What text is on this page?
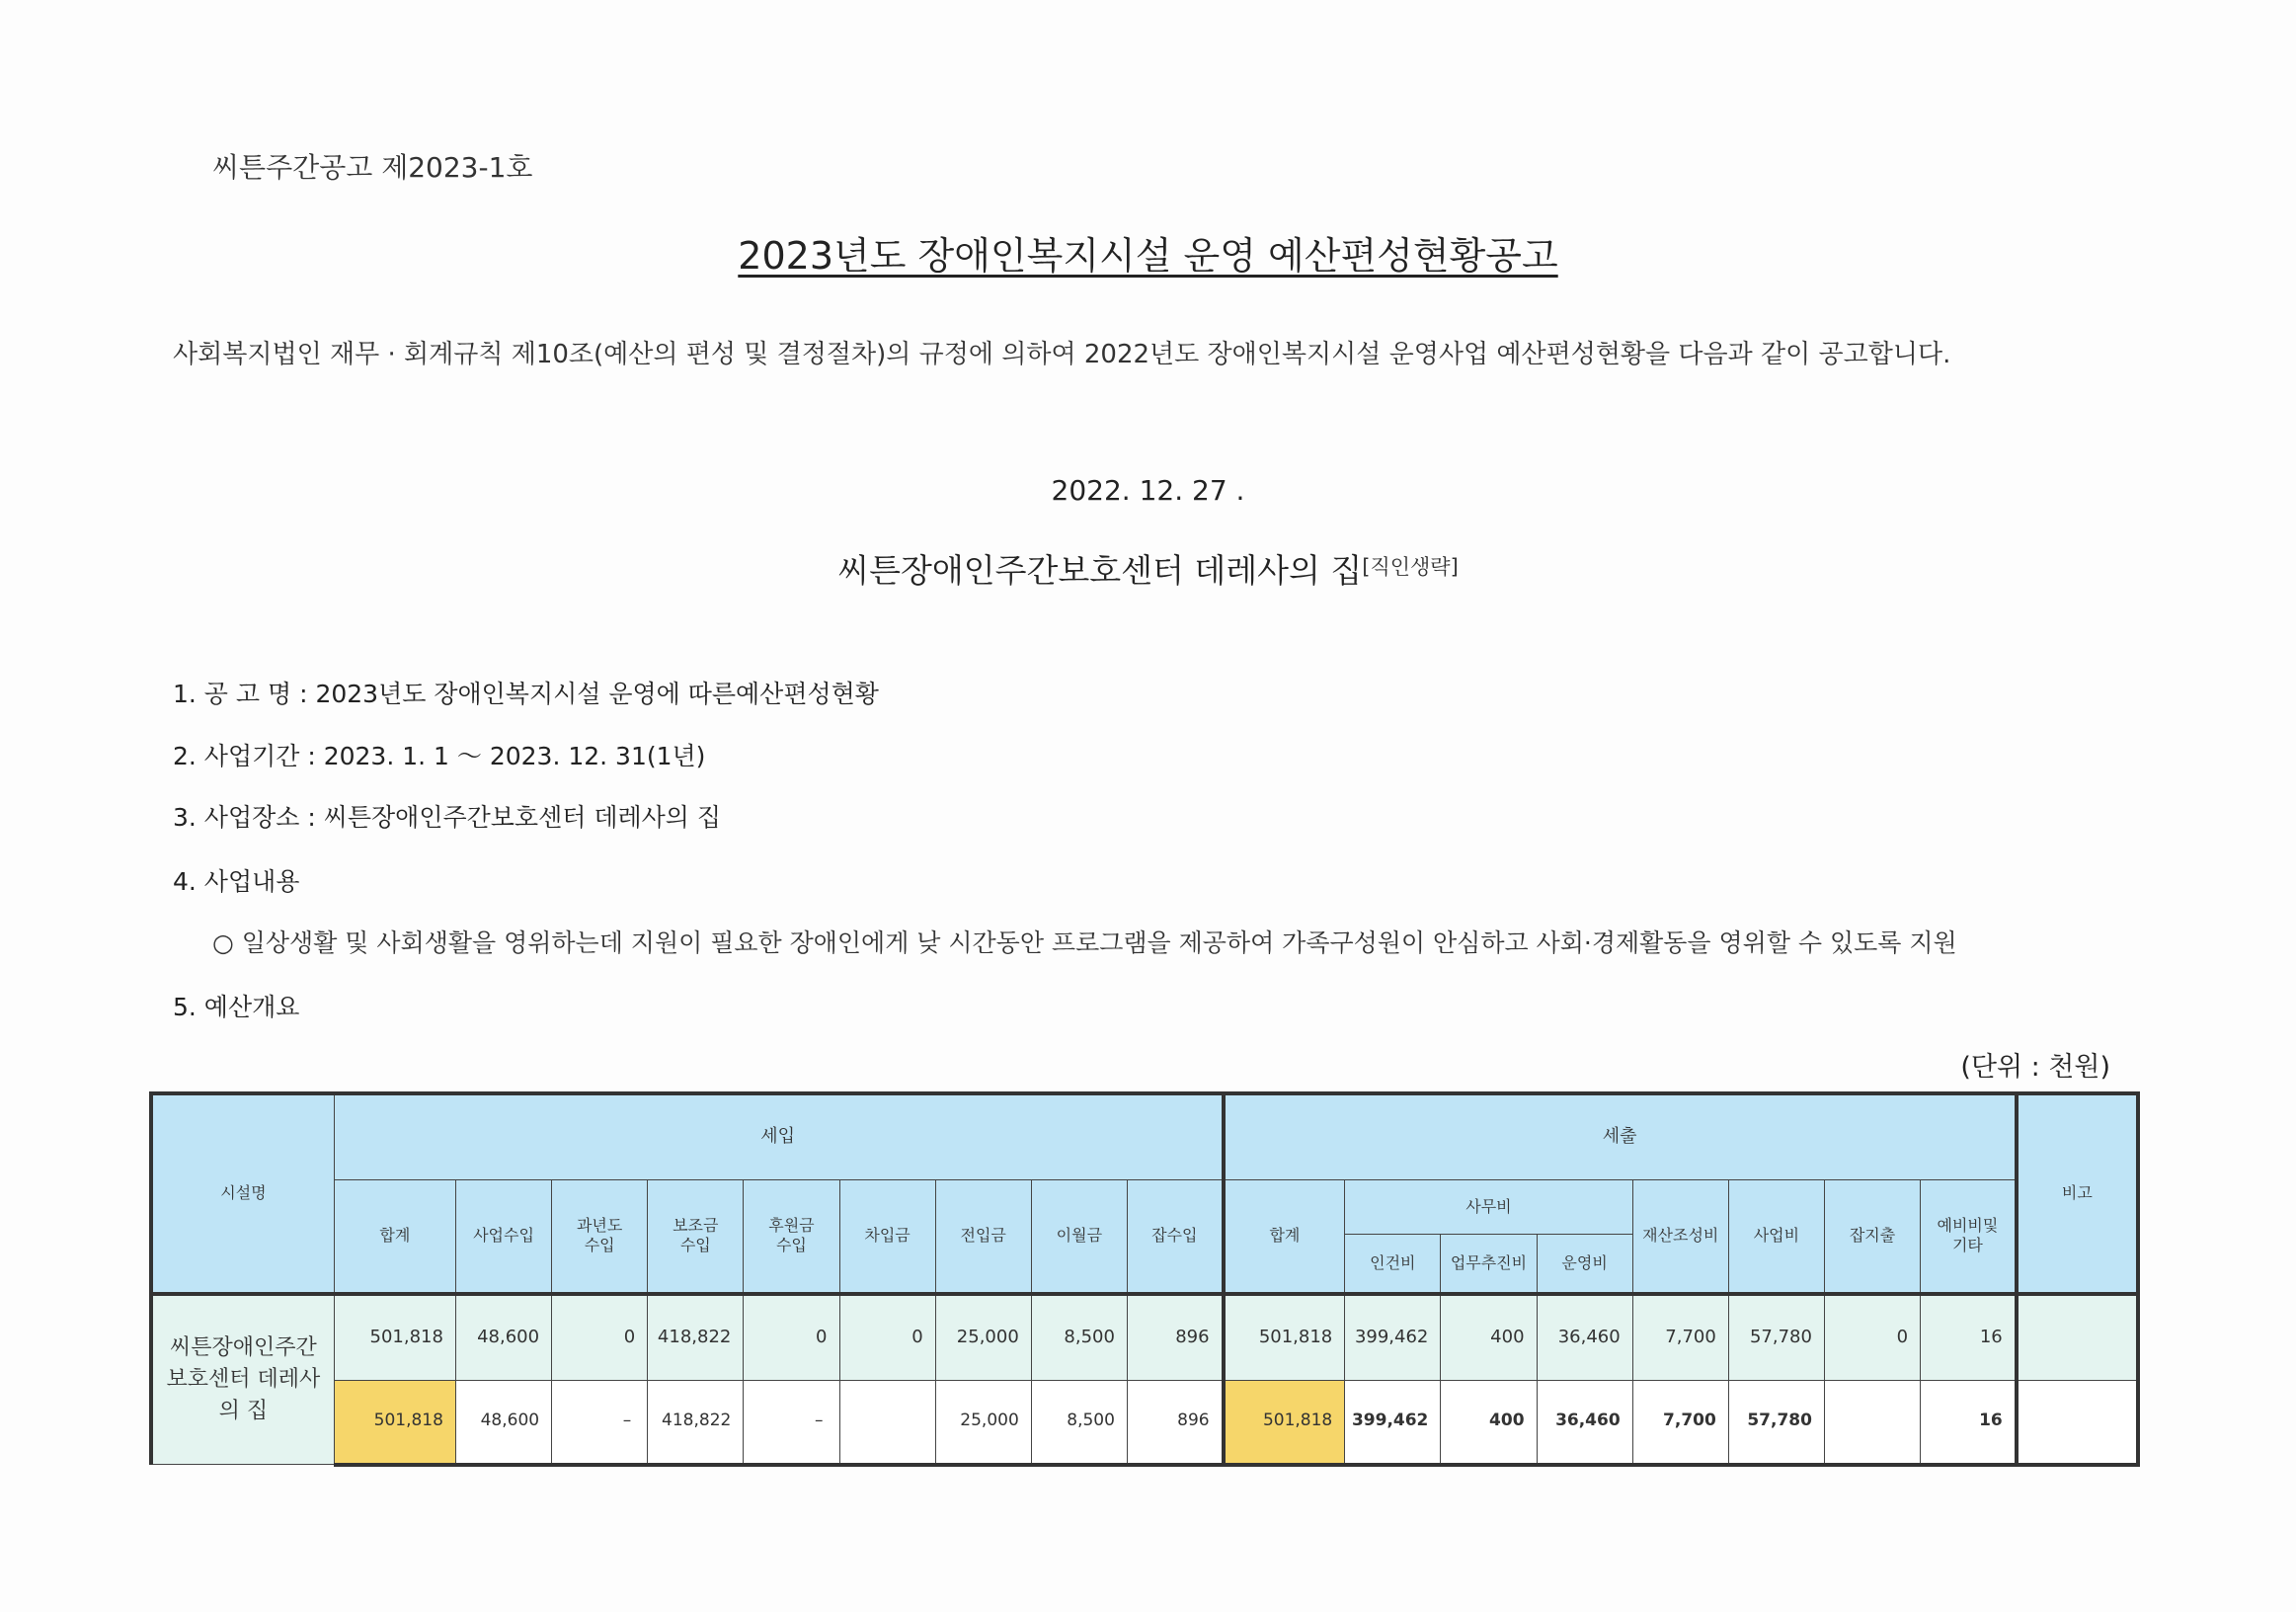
씨튼주간공고 제2023-1호
2023년도 장애인복지시설 운영 예산편성현황공고
사회복지법인 재무 · 회계규칙 제10조(예산의 편성 및 결정절차)의 규정에 의하여 2022년도 장애인복지시설 운영사업 예산편성현황을 다음과 같이 공고합니다.
2022. 12. 27 .
씨튼장애인주간보호센터 데레사의 집[직인생략]
1. 공 고 명 : 2023년도 장애인복지시설 운영에 따른예산편성현황
2. 사업기간 : 2023. 1. 1 ～ 2023. 12. 31(1년)
3. 사업장소 : 씨튼장애인주간보호센터 데레사의 집
4. 사업내용
○ 일상생활 및 사회생활을 영위하는데 지원이 필요한 장애인에게 낮 시간동안 프로그램을 제공하여 가족구성원이 안심하고 사회·경제활동을 영위할 수 있도록 지원
5. 예산개요
(단위 : 천원)
시설명	세입									세출								비고
	합계	사업수입	과년도
수입	보조금
수입	후원금
수입	차입금	전입금	이월금	잡수입	합계	사무비			재산조성비	사업비	잡지출	예비비및
기타	
											인건비	업무추진비	운영비					
씨튼장애인주간
보호센터 데레사
의 집	501,818	48,600	0	418,822	0	0	25,000	8,500	896	501,818	399,462	400	36,460	7,700	57,780	0	16	
	501,818	48,600	–	418,822	–		25,000	8,500	896	501,818	399,462	400	36,460	7,700	57,780		16	
